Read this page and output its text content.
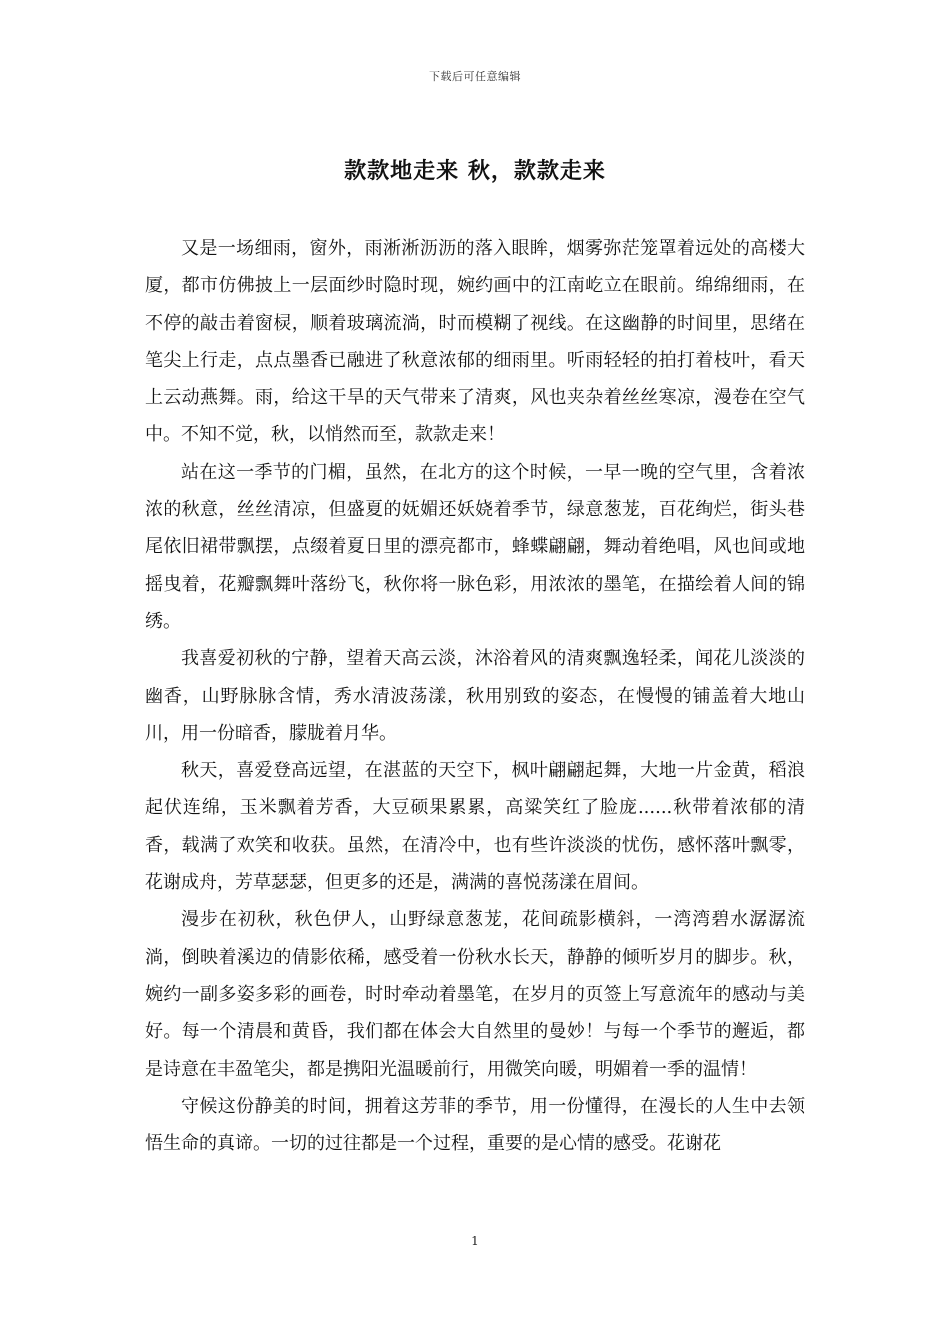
下载后可任意编辑
款款地走来 秋，款款走来

又是一场细雨，窗外，雨淅淅沥沥的落入眼眸，烟雾弥茫笼罩着远处的高楼大厦，都市仿佛披上一层面纱时隐时现，婉约画中的江南屹立在眼前。绵绵细雨，在不停的敲击着窗棂，顺着玻璃流淌，时而模糊了视线。在这幽静的时间里，思绪在笔尖上行走，点点墨香已融进了秋意浓郁的细雨里。听雨轻轻的拍打着枝叶，看天上云动燕舞。雨，给这干旱的天气带来了清爽，风也夹杂着丝丝寒凉，漫卷在空气中。不知不觉，秋，以悄然而至，款款走来！

站在这一季节的门楣，虽然，在北方的这个时候，一早一晚的空气里，含着浓浓的秋意，丝丝清凉，但盛夏的妩媚还妖娆着季节，绿意葱茏，百花绚烂，街头巷尾依旧裙带飘摆，点缀着夏日里的漂亮都市，蜂蝶翩翩，舞动着绝唱，风也间或地摇曳着，花瓣飘舞叶落纷飞，秋你将一脉色彩，用浓浓的墨笔，在描绘着人间的锦绣。

我喜爱初秋的宁静，望着天高云淡，沐浴着风的清爽飘逸轻柔，闻花儿淡淡的幽香，山野脉脉含情，秀水清波荡漾，秋用别致的姿态，在慢慢的铺盖着大地山川，用一份暗香，朦胧着月华。

秋天，喜爱登高远望，在湛蓝的天空下，枫叶翩翩起舞，大地一片金黄，稻浪起伏连绵，玉米飘着芳香，大豆硕果累累，高粱笑红了脸庞......秋带着浓郁的清香，载满了欢笑和收获。虽然，在清冷中，也有些许淡淡的忧伤，感怀落叶飘零，花谢成舟，芳草瑟瑟，但更多的还是，满满的喜悦荡漾在眉间。

漫步在初秋，秋色伊人，山野绿意葱茏，花间疏影横斜，一湾湾碧水潺潺流淌，倒映着溪边的倩影依稀，感受着一份秋水长天，静静的倾听岁月的脚步。秋，婉约一副多姿多彩的画卷，时时牵动着墨笔，在岁月的页签上写意流年的感动与美好。每一个清晨和黄昏，我们都在体会大自然里的曼妙！与每一个季节的邂逅，都是诗意在丰盈笔尖，都是携阳光温暖前行，用微笑向暖，明媚着一季的温情！

守候这份静美的时间，拥着这芳菲的季节，用一份懂得，在漫长的人生中去领悟生命的真谛。一切的过往都是一个过程，重要的是心情的感受。花谢花

1
